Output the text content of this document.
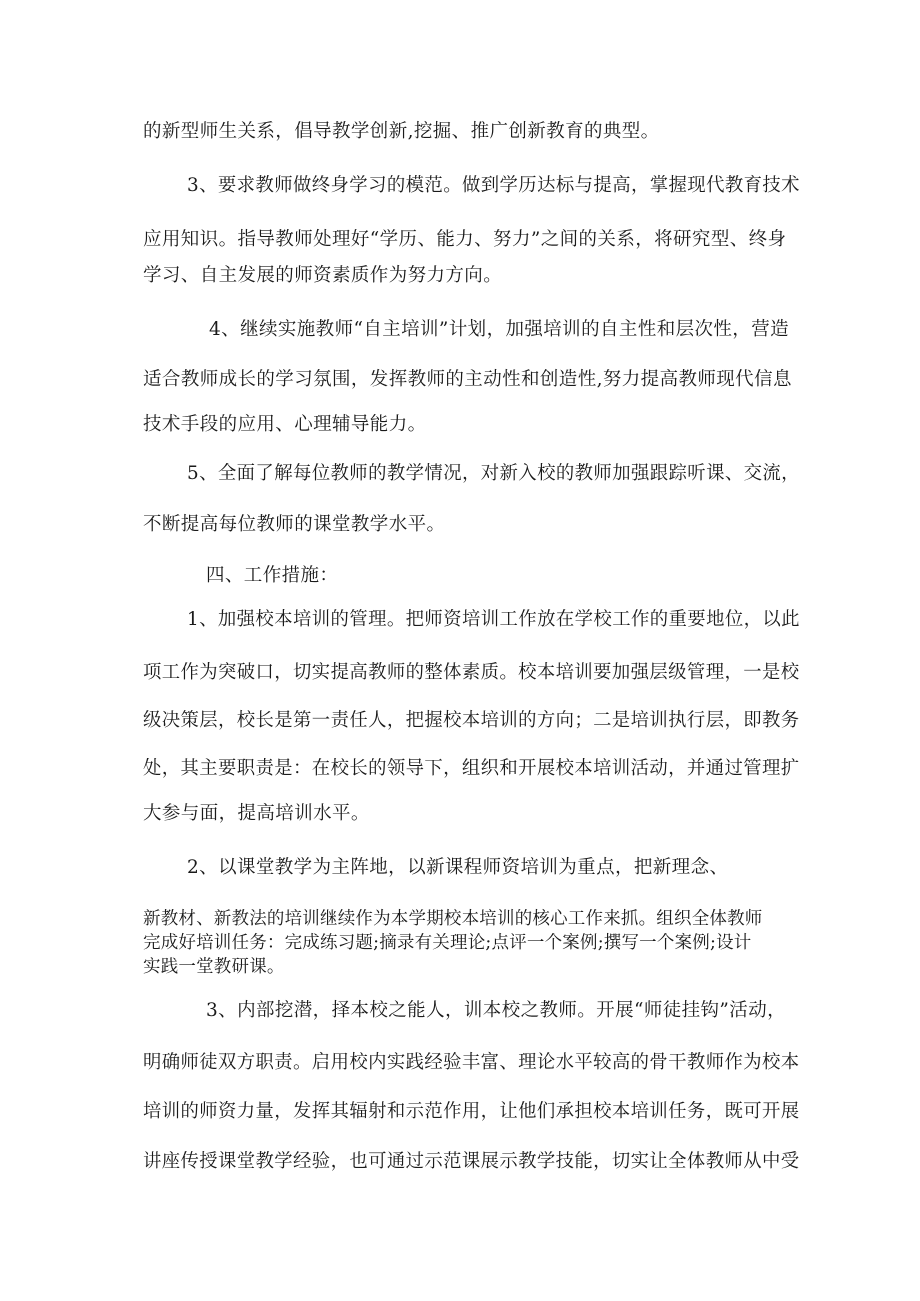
的新型师生关系，倡导教学创新,挖掘、推广创新教育的典型。
3、要求教师做终身学习的模范。做到学历达标与提高，掌握现代教育技术
应用知识。指导教师处理好“学历、能力、努力”之间的关系，将研究型、终身
学习、自主发展的师资素质作为努力方向。
4、继续实施教师“自主培训”计划，加强培训的自主性和层次性，营造
适合教师成长的学习氛围，发挥教师的主动性和创造性,努力提高教师现代信息
技术手段的应用、心理辅导能力。
5、全面了解每位教师的教学情况，对新入校的教师加强跟踪听课、交流，
不断提高每位教师的课堂教学水平。
四、工作措施：
1、加强校本培训的管理。把师资培训工作放在学校工作的重要地位，以此
项工作为突破口，切实提高教师的整体素质。校本培训要加强层级管理，一是校
级决策层，校长是第一责任人，把握校本培训的方向；二是培训执行层，即教务
处，其主要职责是：在校长的领导下，组织和开展校本培训活动，并通过管理扩
大参与面，提高培训水平。
2、以课堂教学为主阵地，以新课程师资培训为重点，把新理念、
新教材、新教法的培训继续作为本学期校本培训的核心工作来抓。组织全体教师
完成好培训任务：完成练习题;摘录有关理论;点评一个案例;撰写一个案例;设计
实践一堂教研课。
3、内部挖潜，择本校之能人，训本校之教师。开展“师徒挂钩”活动，
明确师徒双方职责。启用校内实践经验丰富、理论水平较高的骨干教师作为校本
培训的师资力量，发挥其辐射和示范作用，让他们承担校本培训任务，既可开展
讲座传授课堂教学经验，也可通过示范课展示教学技能，切实让全体教师从中受
